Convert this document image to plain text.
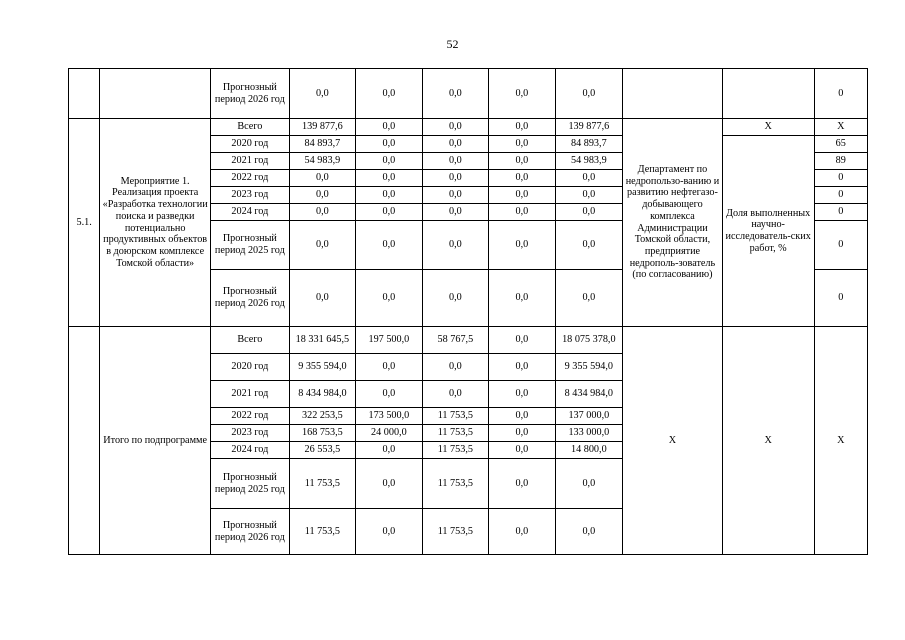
52
		Прогнозный период 2026 год	0,0	0,0	0,0	0,0	0,0			0
5.1.	Мероприятие 1. Реализация проекта «Разработка технологии поиска и разведки потенциально продуктивных объектов в доюрском комплексе Томской области»	Всего	139 877,6	0,0	0,0	0,0	139 877,6	Департамент по недропользо-ванию и развитию нефтегазо-добывающего комплекса Администрации Томской области, предприятие недрополь-зователь (по согласованию)	Х	Х
		2020 год	84 893,7	0,0	0,0	0,0	84 893,7		Доля выполненных научно-исследователь-ских работ, %	65
		2021 год	54 983,9	0,0	0,0	0,0	54 983,9			89
		2022 год	0,0	0,0	0,0	0,0	0,0			0
		2023 год	0,0	0,0	0,0	0,0	0,0			0
		2024 год	0,0	0,0	0,0	0,0	0,0			0
		Прогнозный период 2025 год	0,0	0,0	0,0	0,0	0,0			0
		Прогнозный период 2026 год	0,0	0,0	0,0	0,0	0,0			0
	Итого по подпрограмме	Всего	18 331 645,5	197 500,0	58 767,5	0,0	18 075 378,0	Х	Х	Х
		2020 год	9 355 594,0	0,0	0,0	0,0	9 355 594,0			
		2021 год	8 434 984,0	0,0	0,0	0,0	8 434 984,0			
		2022 год	322 253,5	173 500,0	11 753,5	0,0	137 000,0			
		2023 год	168 753,5	24 000,0	11 753,5	0,0	133 000,0			
		2024 год	26 553,5	0,0	11 753,5	0,0	14 800,0			
		Прогнозный период 2025 год	11 753,5	0,0	11 753,5	0,0	0,0			
		Прогнозный период 2026 год	11 753,5	0,0	11 753,5	0,0	0,0			
